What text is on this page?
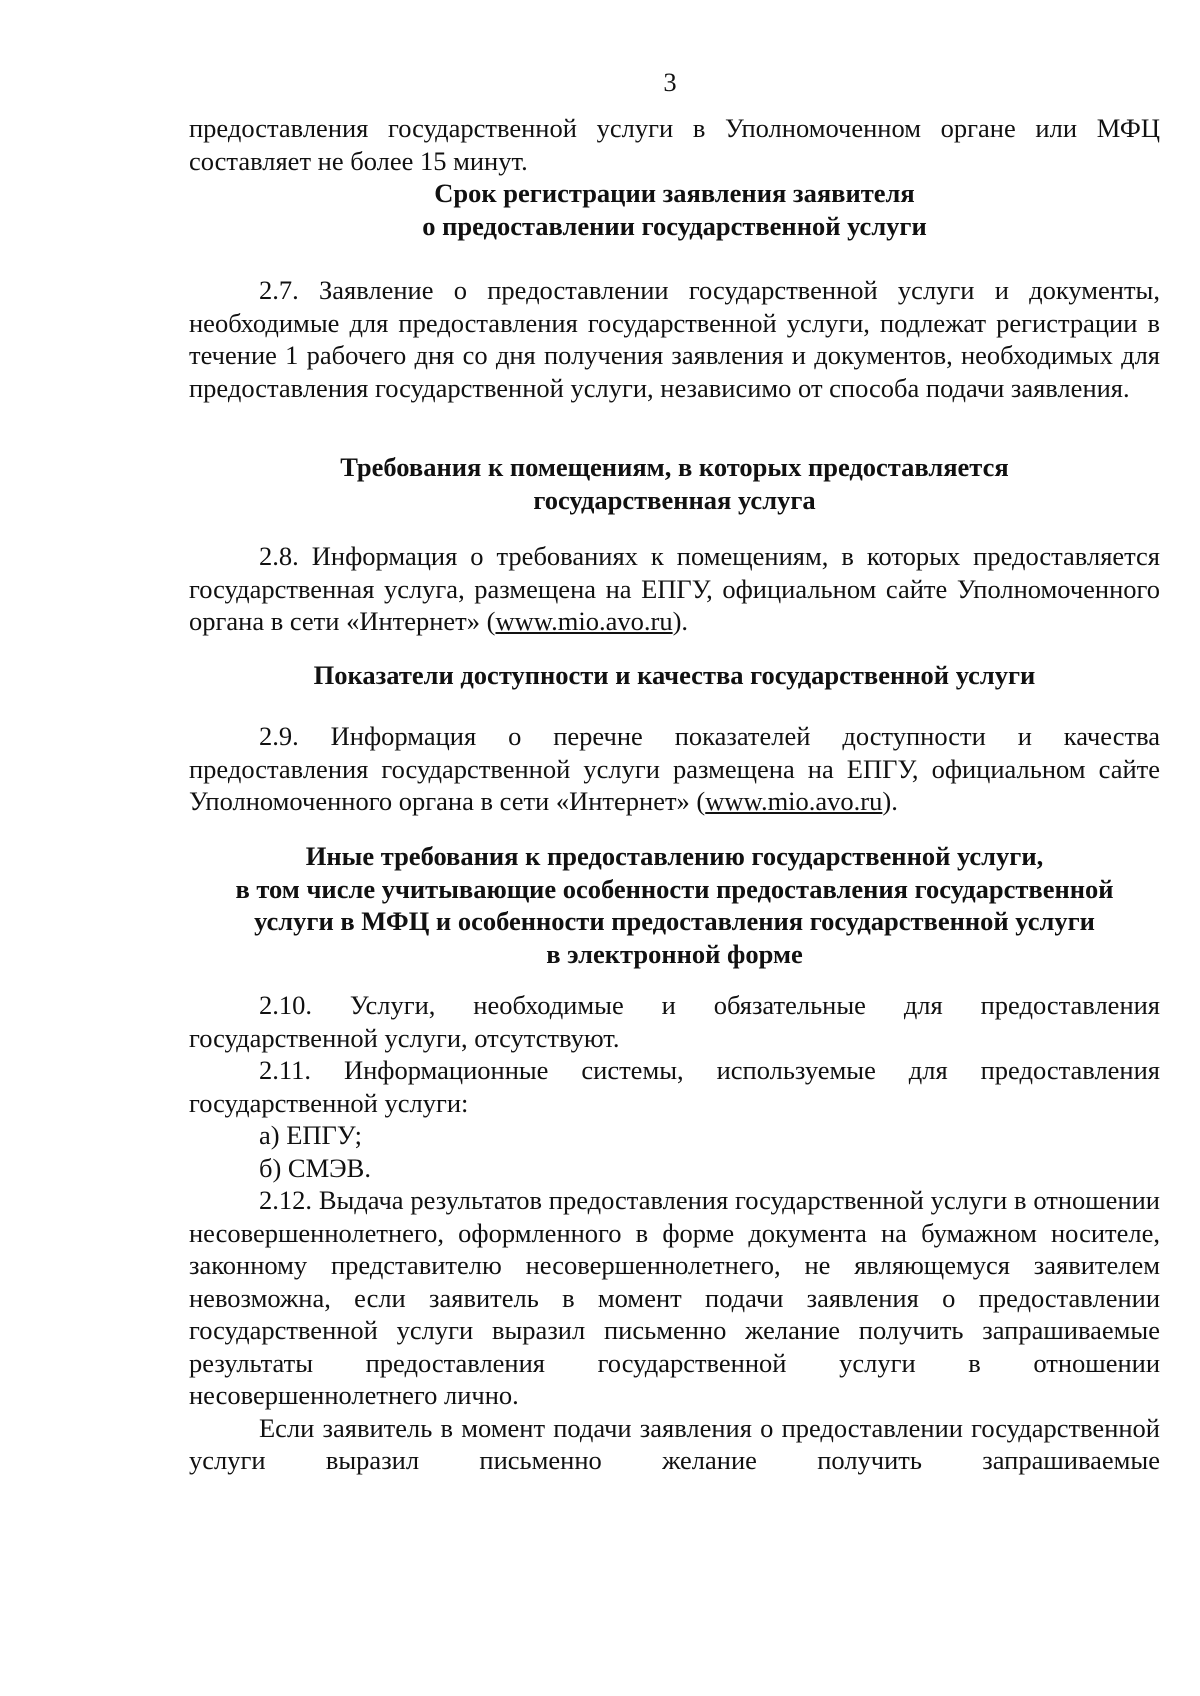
3

предоставления государственной услуги в Уполномоченном органе или МФЦ

составляет не более 15 минут.

Срок регистрации заявления заявителя

о предоставлении государственной услуги

2.7. Заявление о предоставлении государственной услуги и документы, необходимые для предоставления государственной услуги, подлежат регистрации в течение 1 рабочего дня со дня получения заявления и документов, необходимых для предоставления государственной услуги, независимо от способа подачи заявления.

Требования к помещениям, в которых предоставляется

государственная услуга

2.8. Информация о требованиях к помещениям, в которых предоставляется государственная услуга, размещена на ЕПГУ, официальном сайте Уполномоченного органа в сети «Интернет» (www.mio.avo.ru).

Показатели доступности и качества государственной услуги

2.9. Информация о перечне показателей доступности и качества предоставления государственной услуги размещена на ЕПГУ, официальном сайте Уполномоченного органа в сети «Интернет» (www.mio.avo.ru).

Иные требования к предоставлению государственной услуги,

в том числе учитывающие особенности предоставления государственной

услуги в МФЦ и особенности предоставления государственной услуги

в электронной форме

2.10. Услуги, необходимые и обязательные для предоставления государственной услуги, отсутствуют.

2.11. Информационные системы, используемые для предоставления государственной услуги:

а) ЕПГУ;

б) СМЭВ.

2.12. Выдача результатов предоставления государственной услуги в отношении несовершеннолетнего, оформленного в форме документа на бумажном носителе, законному представителю несовершеннолетнего, не являющемуся заявителем невозможна, если заявитель в момент подачи заявления о предоставлении государственной услуги выразил письменно желание получить запрашиваемые результаты предоставления государственной услуги в отношении несовершеннолетнего лично.

Если заявитель в момент подачи заявления о предоставлении государственной услуги выразил письменно желание получить запрашиваемые
